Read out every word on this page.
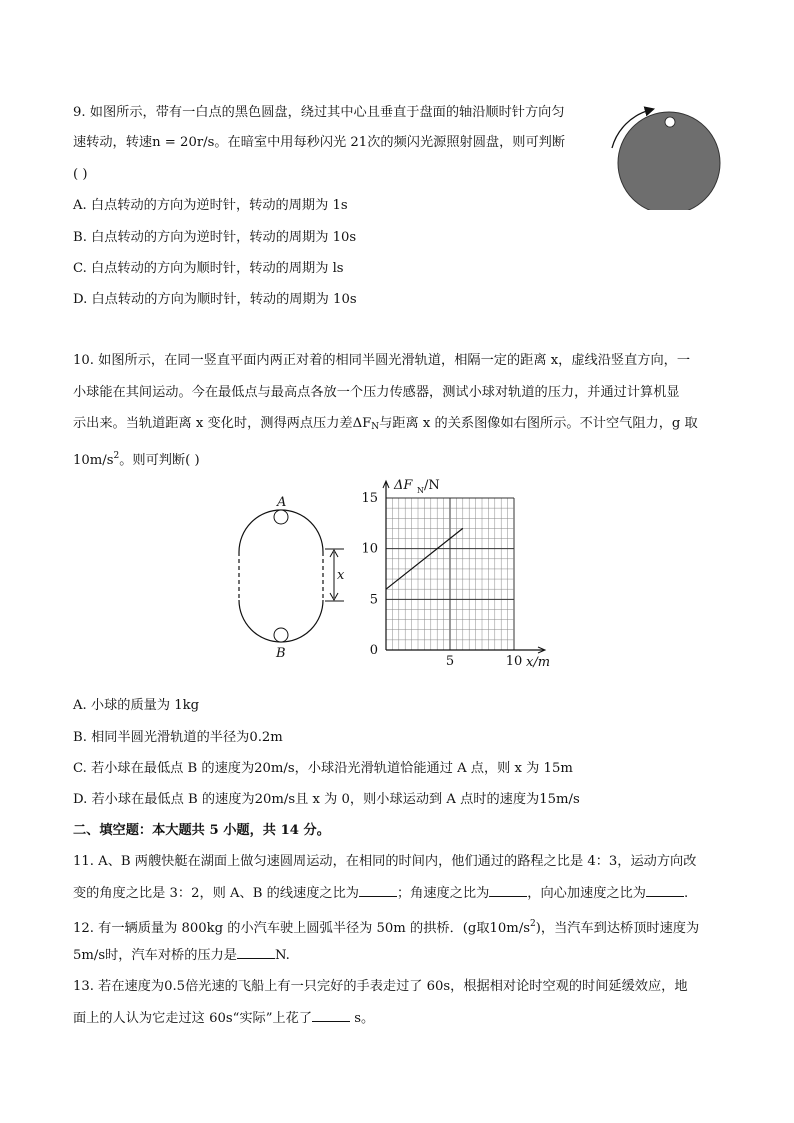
9. 如图所示，带有一白点的黑色圆盘，绕过其中心且垂直于盘面的轴沿顺时针方向匀
速转动，转速n = 20r/s。在暗室中用每秒闪光 21次的频闪光源照射圆盘，则可判断
( )
A. 白点转动的方向为逆时针，转动的周期为 1s
B. 白点转动的方向为逆时针，转动的周期为 10s
C. 白点转动的方向为顺时针，转动的周期为 ls
D. 白点转动的方向为顺时针，转动的周期为 10s
10. 如图所示，在同一竖直平面内两正对着的相同半圆光滑轨道，相隔一定的距离 x，虚线沿竖直方向，一
小球能在其间运动。今在最低点与最高点各放一个压力传感器，测试小球对轨道的压力，并通过计算机显
示出来。当轨道距离 x 变化时，测得两点压力差$\Delta F_N$与距离 x 的关系图像如右图所示。不计空气阻力，g 取
$10m/s^2$。则可判断( )
A
B
x
5
10
15
5	10
0
ΔF N /N
x/m
A. 小球的质量为 1kg
B. 相同半圆光滑轨道的半径为0.2m
C. 若小球在最低点 B 的速度为20m/s，小球沿光滑轨道恰能通过 A 点，则 x 为 15m
D. 若小球在最低点 B 的速度为20m/s且 x 为 0，则小球运动到 A 点时的速度为15m/s
二、填空题：本大题共 5 小题，共 14 分。
11. A、B 两艘快艇在湖面上做匀速圆周运动，在相同的时间内，他们通过的路程之比是 4：3，运动方向改
变的角度之比是 3：2，则 A、B 的线速度之比为	；角速度之比为	，向心加速度之比为	.
12. 有一辆质量为 800kg 的小汽车驶上圆弧半径为 50m 的拱桥．(g取$10m/s^2$)，当汽车到达桥顶时速度为
5m/s时，汽车对桥的压力是	N.
13. 若在速度为0.5倍光速的飞船上有一只完好的手表走过了 60s，根据相对论时空观的时间延缓效应，地
面上的人认为它走过这 60s“实际”上花了	s。
